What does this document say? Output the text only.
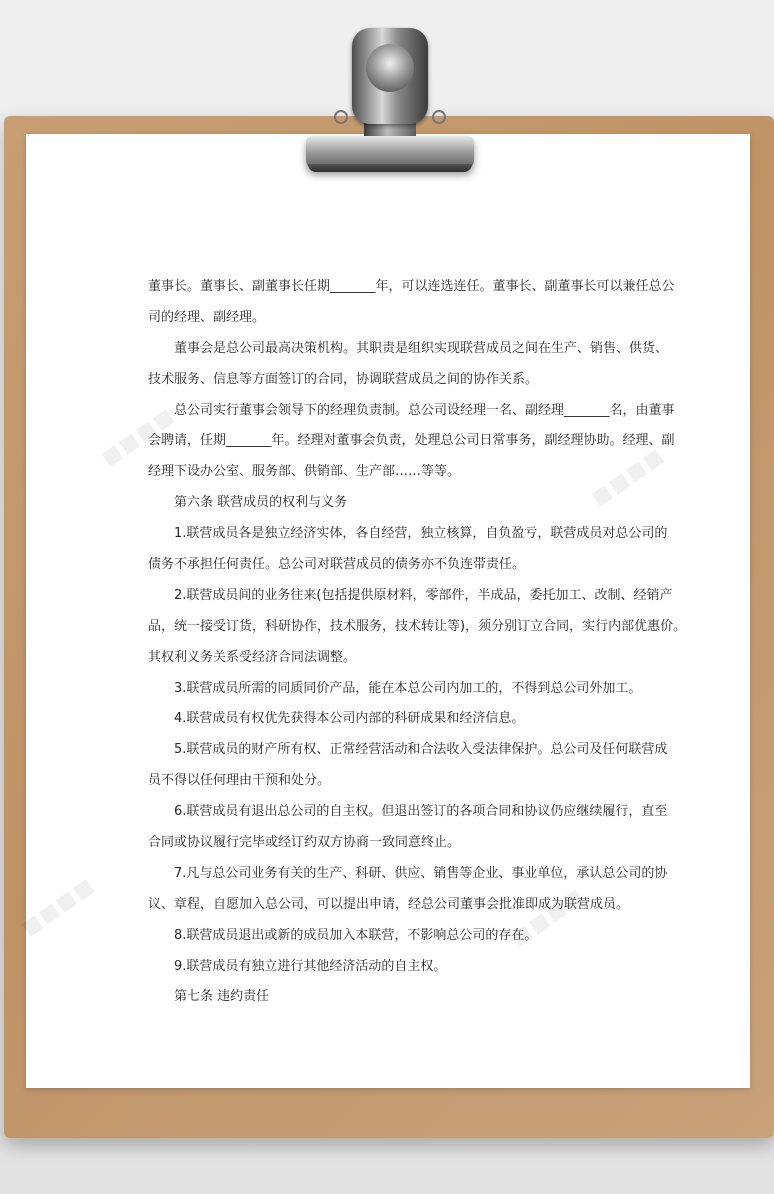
■■■■
■■■■
■■■■	■■■■
董事长。董事长、副董事长任期_______年，可以连选连任。董事长、副董事长可以兼任总公
司的经理、副经理。
董事会是总公司最高决策机构。其职责是组织实现联营成员之间在生产、销售、供货、
技术服务、信息等方面签订的合同，协调联营成员之间的协作关系。
总公司实行董事会领导下的经理负责制。总公司设经理一名、副经理_______名，由董事
会聘请，任期_______年。经理对董事会负责，处理总公司日常事务，副经理协助。经理、副
经理下设办公室、服务部、供销部、生产部……等等。
第六条 联营成员的权利与义务
1.联营成员各是独立经济实体，各自经营，独立核算，自负盈亏，联营成员对总公司的
债务不承担任何责任。总公司对联营成员的债务亦不负连带责任。
2.联营成员间的业务往来(包括提供原材料，零部件，半成品，委托加工、改制、经销产
品，统一接受订货，科研协作，技术服务，技术转让等)，须分别订立合同，实行内部优惠价。
其权利义务关系受经济合同法调整。
3.联营成员所需的同质同价产品，能在本总公司内加工的，不得到总公司外加工。
4.联营成员有权优先获得本公司内部的科研成果和经济信息。
5.联营成员的财产所有权、正常经营活动和合法收入受法律保护。总公司及任何联营成
员不得以任何理由干预和处分。
6.联营成员有退出总公司的自主权。但退出签订的各项合同和协议仍应继续履行，直至
合同或协议履行完毕或经订约双方协商一致同意终止。
7.凡与总公司业务有关的生产、科研、供应、销售等企业、事业单位，承认总公司的协
议、章程，自愿加入总公司，可以提出申请，经总公司董事会批准即成为联营成员。
8.联营成员退出或新的成员加入本联营，不影响总公司的存在。
9.联营成员有独立进行其他经济活动的自主权。
第七条 违约责任
